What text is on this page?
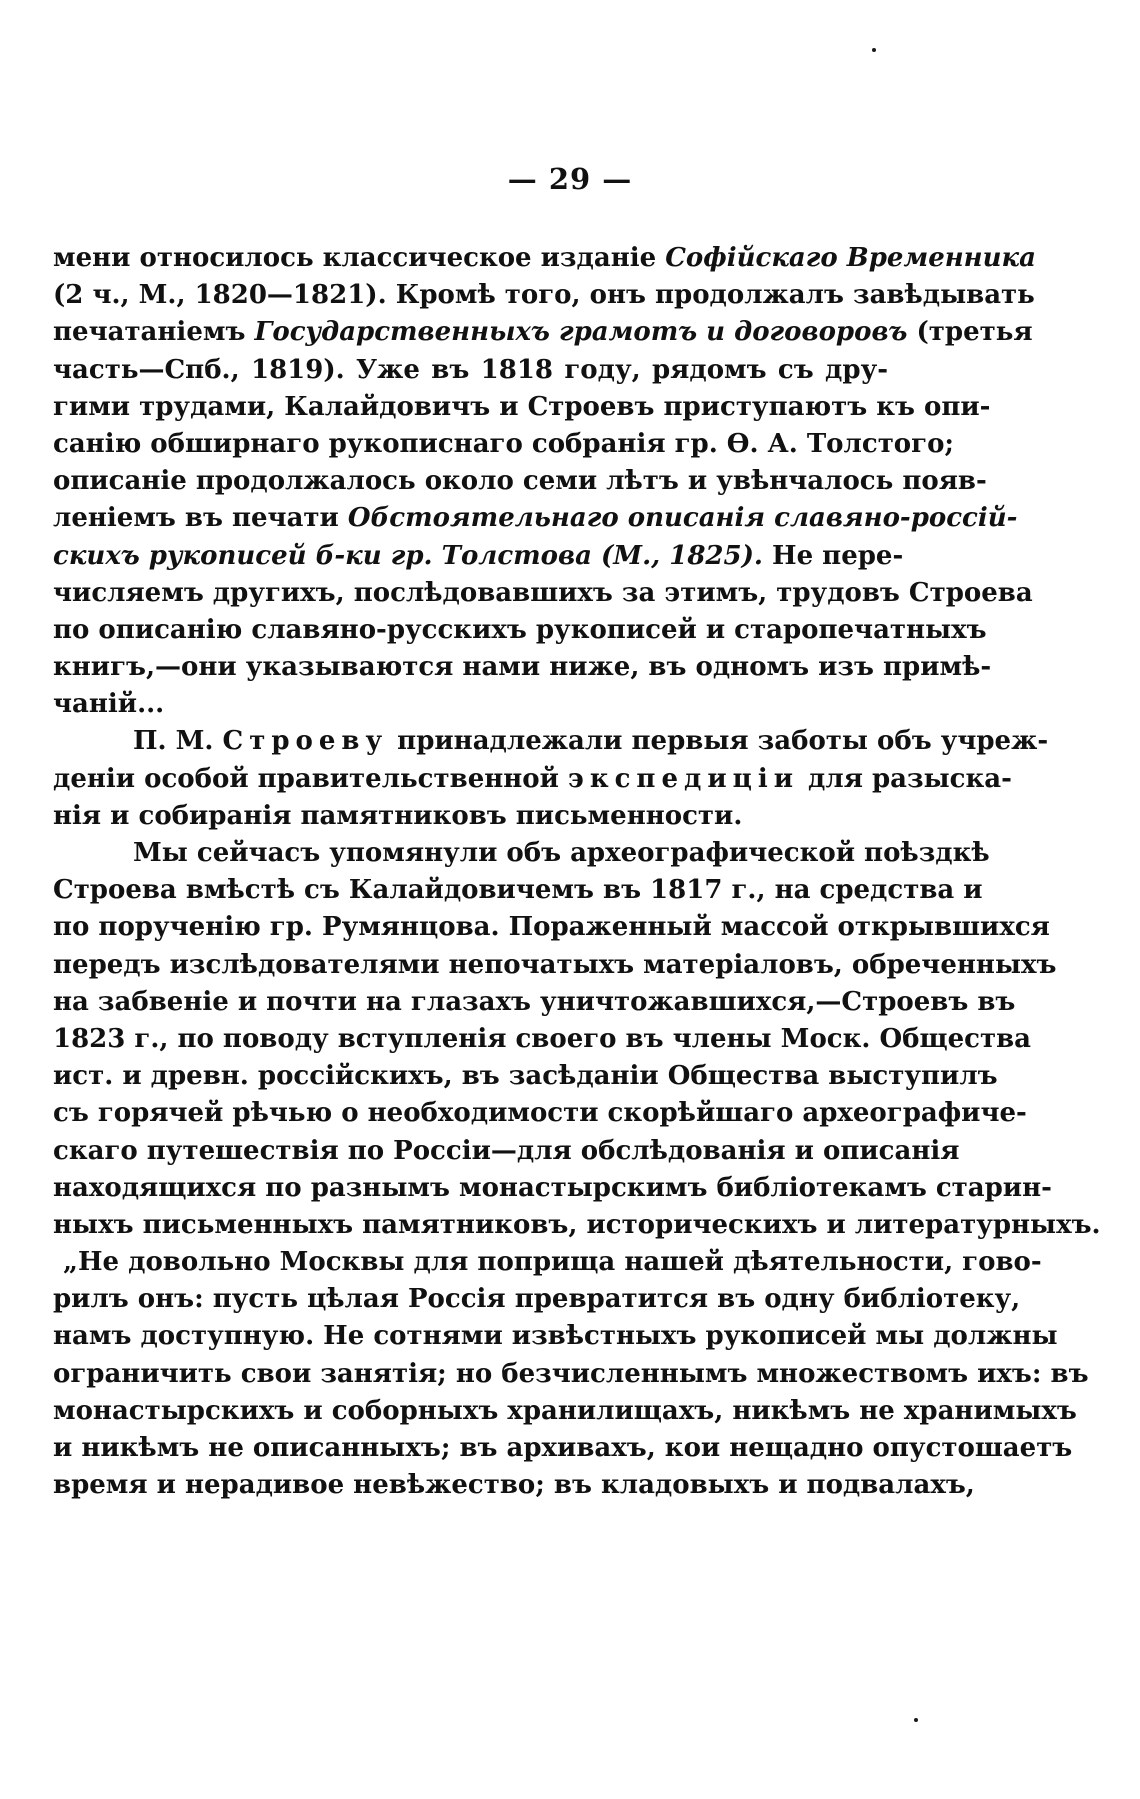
— 29 —
мени относилось классическое изданіе Софійскаго Временника
(2 ч., М., 1820—1821). Кромѣ того, онъ продолжалъ завѣдывать
печатаніемъ Государственныхъ грамотъ и договоровъ (третья
часть—Спб., 1819). Уже въ 1818 году, рядомъ съ дру-
гими трудами, Калайдовичъ и Строевъ приступаютъ къ опи-
санію обширнаго рукописнаго собранія гр. Ѳ. А. Толстого;
описаніе продолжалось около семи лѣтъ и увѣнчалось появ-
леніемъ въ печати Обстоятельнаго описанія славяно-россій-
скихъ рукописей б-ки гр. Толстова (М., 1825). Не пере-
числяемъ другихъ, послѣдовавшихъ за этимъ, трудовъ Строева
по описанію славяно-русскихъ рукописей и старопечатныхъ
книгъ,—они указываются нами ниже, въ одномъ изъ примѣ-
чаній...
П. М. Строеву принадлежали первыя заботы объ учреж-
деніи особой правительственной экспедиціи для разыска-
нія и собиранія памятниковъ письменности.
Мы сейчасъ упомянули объ археографической поѣздкѣ
Строева вмѣстѣ съ Калайдовичемъ въ 1817 г., на средства и
по порученію гр. Румянцова. Пораженный массой открывшихся
передъ изслѣдователями непочатыхъ матеріаловъ, обреченныхъ
на забвеніе и почти на глазахъ уничтожавшихся,—Строевъ въ
1823 г., по поводу вступленія своего въ члены Моск. Общества
ист. и древн. россійскихъ, въ засѣданіи Общества выступилъ
съ горячей рѣчью о необходимости скорѣйшаго археографиче-
скаго путешествія по Россіи—для обслѣдованія и описанія
находящихся по разнымъ монастырскимъ библіотекамъ старин-
ныхъ письменныхъ памятниковъ, историческихъ и литературныхъ.
„Не довольно Москвы для поприща нашей дѣятельности, гово-
рилъ онъ: пусть цѣлая Россія превратится въ одну библіотеку,
намъ доступную. Не сотнями извѣстныхъ рукописей мы должны
ограничить свои занятія; но безчисленнымъ множествомъ ихъ: въ
монастырскихъ и соборныхъ хранилищахъ, никѣмъ не хранимыхъ
и никѣмъ не описанныхъ; въ архивахъ, кои нещадно опустошаетъ
время и нерадивое невѣжество; въ кладовыхъ и подвалахъ,
